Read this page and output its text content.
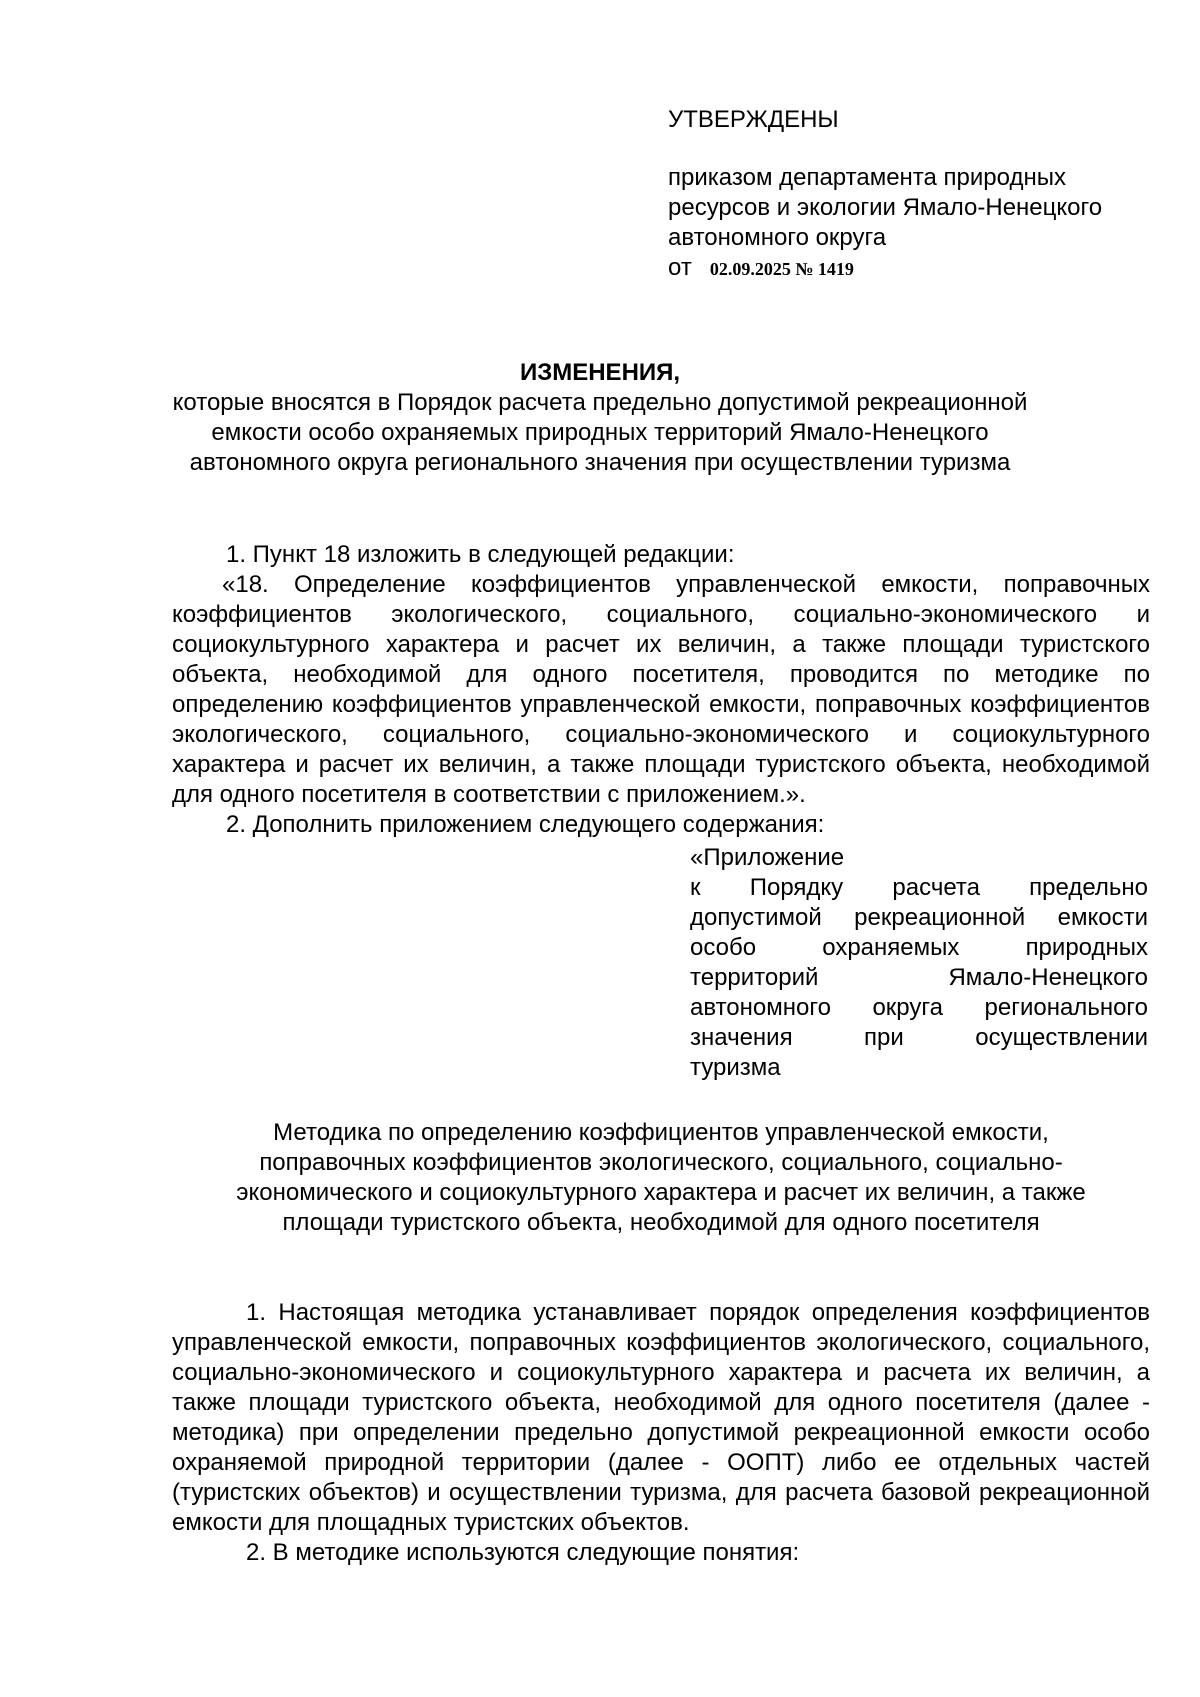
УТВЕРЖДЕНЫ

приказом департамента природных

ресурсов и экологии Ямало-Ненецкого

автономного округа

от 02.09.2025 № 1419

ИЗМЕНЕНИЯ,

которые вносятся в Порядок расчета предельно допустимой рекреационной

емкости особо охраняемых природных территорий Ямало-Ненецкого

автономного округа регионального значения при осуществлении туризма

1. Пункт 18 изложить в следующей редакции:

«18. Определение коэффициентов управленческой емкости, поправочных коэффициентов экологического, социального, социально-экономического и социокультурного характера и расчет их величин, а также площади туристского объекта, необходимой для одного посетителя, проводится по методике по определению коэффициентов управленческой емкости, поправочных коэффициентов экологического, социального, социально-экономического и социокультурного характера и расчет их величин, а также площади туристского объекта, необходимой для одного посетителя в соответствии с приложением.».

2. Дополнить приложением следующего содержания:

«Приложение

к Порядку расчета предельно допустимой рекреационной емкости особо охраняемых природных территорий Ямало-Ненецкого автономного округа регионального значения при осуществлении

туризма

Методика по определению коэффициентов управленческой емкости,

поправочных коэффициентов экологического, социального, социально-

экономического и социокультурного характера и расчет их величин, а также

площади туристского объекта, необходимой для одного посетителя

1. Настоящая методика устанавливает порядок определения коэффициентов управленческой емкости, поправочных коэффициентов экологического, социального, социально-экономического и социокультурного характера и расчета их величин, а также площади туристского объекта, необходимой для одного посетителя (далее - методика) при определении предельно допустимой рекреационной емкости особо охраняемой природной территории (далее - ООПТ) либо ее отдельных частей (туристских объектов) и осуществлении туризма, для расчета базовой рекреационной емкости для площадных туристских объектов.

2. В методике используются следующие понятия:
